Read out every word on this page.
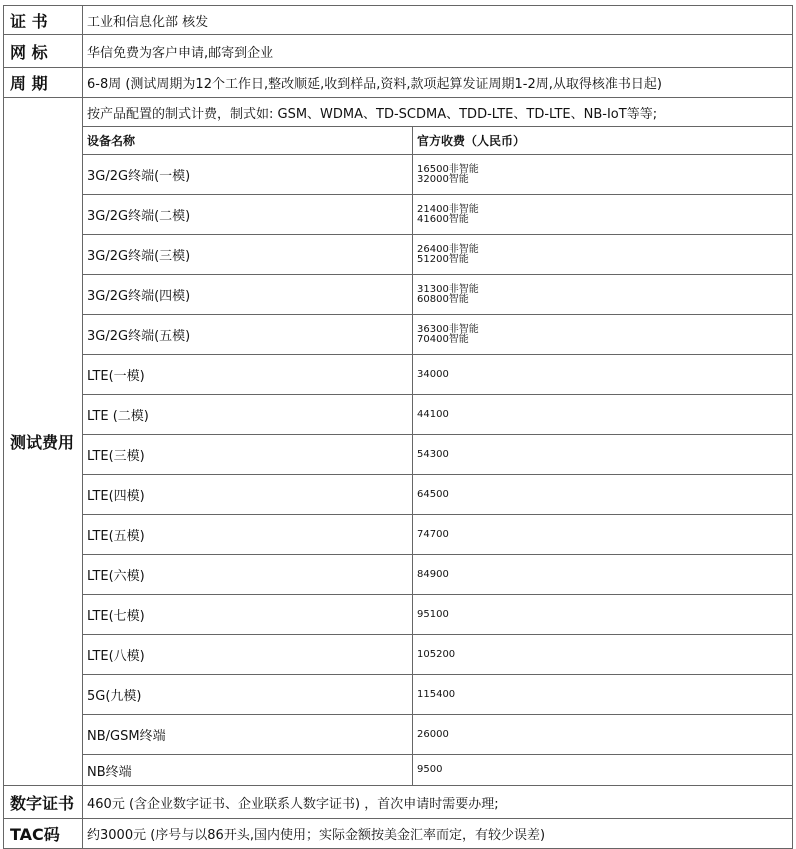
证 书	工业和信息化部 核发	
网 标	华信免费为客户申请,邮寄到企业	
周 期	6-8周 (测试周期为12个工作日,整改顺延,收到样品,资料,款项起算发证周期1-2周,从取得核准书日起)	
测试费用	按产品配置的制式计费，制式如: GSM、WDMA、TD-SCDMA、TDD-LTE、TD-LTE、NB-IoT等等;	
	设备名称	官方收费（人民币）
	3G/2G终端(一模)	16500非智能
32000智能

	3G/2G终端(二模)	21400非智能
41600智能

	3G/2G终端(三模)	26400非智能
51200智能

	3G/2G终端(四模)	31300非智能
60800智能

	3G/2G终端(五模)	36300非智能
70400智能

	LTE(一模)	34000

	LTE (二模)	44100

	LTE(三模)	54300

	LTE(四模)	64500

	LTE(五模)	74700

	LTE(六模)	84900

	LTE(七模)	95100

	LTE(八模)	105200

	5G(九模)	115400

	NB/GSM终端	26000

	NB终端	9500

数字证书	460元 (含企业数字证书、企业联系人数字证书) ，首次申请时需要办理;	
TAC码	约3000元 (序号与以86开头,国内使用；实际金额按美金汇率而定，有较少误差)	
